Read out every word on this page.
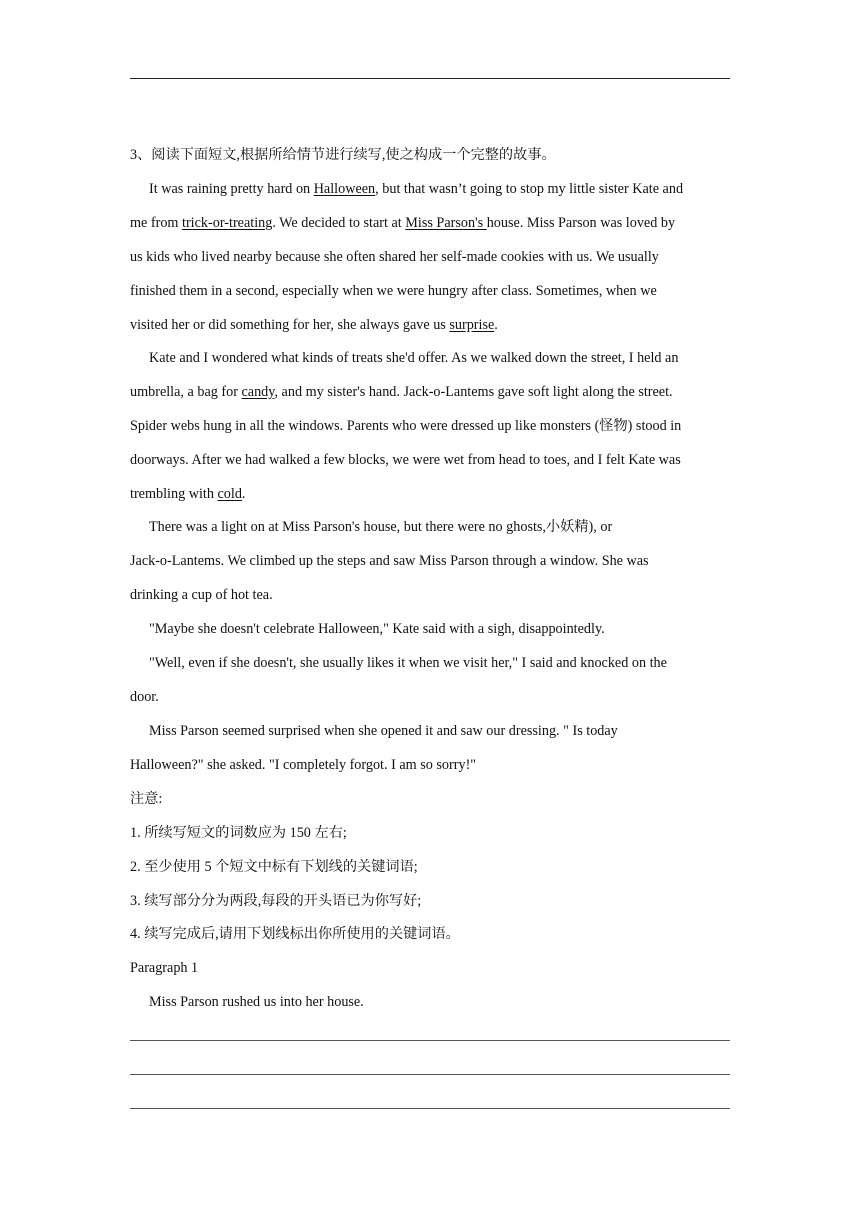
3、阅读下面短文,根据所给情节进行续写,使之构成一个完整的故事。
It was raining pretty hard on Halloween, but that wasn’t going to stop my little sister Kate and
me from trick-or-treating. We decided to start at Miss Parson's house. Miss Parson was loved by
us kids who lived nearby because she often shared her self-made cookies with us. We usually
finished them in a second, especially when we were hungry after class. Sometimes, when we
visited her or did something for her, she always gave us surprise.
Kate and I wondered what kinds of treats she'd offer. As we walked down the street, I held an
umbrella, a bag for candy, and my sister's hand. Jack-o-Lantems gave soft light along the street.
Spider webs hung in all the windows. Parents who were dressed up like monsters (怪物) stood in
doorways. After we had walked a few blocks, we were wet from head to toes, and I felt Kate was
trembling with cold.
There was a light on at Miss Parson's house, but there were no ghosts,小妖精), or
Jack-o-Lantems. We climbed up the steps and saw Miss Parson through a window. She was
drinking a cup of hot tea.
"Maybe she doesn't celebrate Halloween," Kate said with a sigh, disappointedly.
"Well, even if she doesn't, she usually likes it when we visit her," I said and knocked on the
door.
Miss Parson seemed surprised when she opened it and saw our dressing. " Is today
Halloween?" she asked. "I completely forgot. I am so sorry!"
注意:
1. 所续写短文的词数应为 150 左右;
2. 至少使用 5 个短文中标有下划线的关键词语;
3. 续写部分分为两段,每段的开头语已为你写好;
4. 续写完成后,请用下划线标出你所使用的关键词语。
Paragraph 1
Miss Parson rushed us into her house.
